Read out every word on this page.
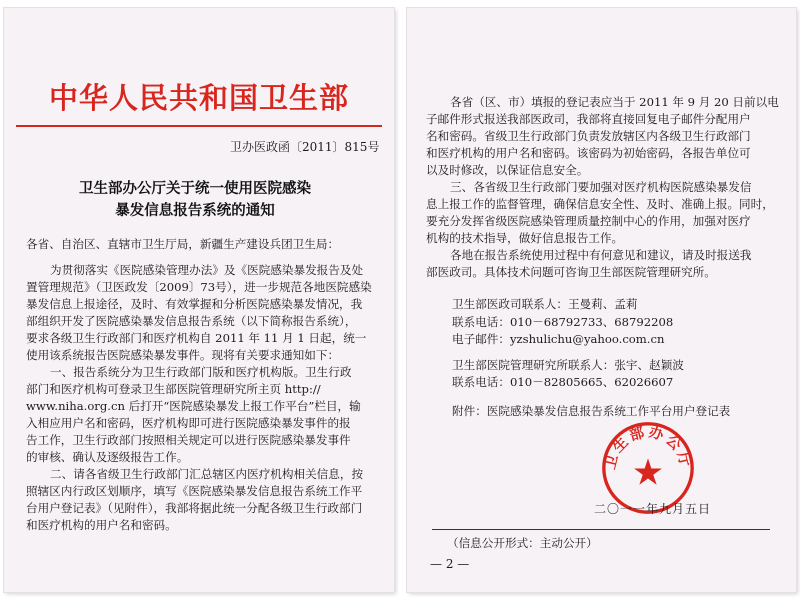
中华人民共和国卫生部
卫办医政函〔2011〕815号
卫生部办公厅关于统一使用医院感染
暴发信息报告系统的通知
各省、自治区、直辖市卫生厅局，新疆生产建设兵团卫生局：
为贯彻落实《医院感染管理办法》及《医院感染暴发报告及处
置管理规范》（卫医政发〔2009〕73号），进一步规范各地医院感染
暴发信息上报途径，及时、有效掌握和分析医院感染暴发情况，我
部组织开发了医院感染暴发信息报告系统（以下简称报告系统），
要求各级卫生行政部门和医疗机构自 2011 年 11 月 1 日起，统一
使用该系统报告医院感染暴发事件。现将有关要求通知如下：
一、报告系统分为卫生行政部门版和医疗机构版。卫生行政
部门和医疗机构可登录卫生部医院管理研究所主页 http://
www.niha.org.cn 后打开“医院感染暴发上报工作平台”栏目，输
入相应用户名和密码，医疗机构即可进行医院感染暴发事件的报
告工作，卫生行政部门按照相关规定可以进行医院感染暴发事件
的审核、确认及逐级报告工作。
二、请各省级卫生行政部门汇总辖区内医疗机构相关信息，按
照辖区内行政区划顺序，填写《医院感染暴发信息报告系统工作平
台用户登记表》（见附件），我部将据此统一分配各级卫生行政部门
和医疗机构的用户名和密码。
各省（区、市）填报的登记表应当于 2011 年 9 月 20 日前以电
子邮件形式报送我部医政司，我部将直接回复电子邮件分配用户
名和密码。省级卫生行政部门负责发放辖区内各级卫生行政部门
和医疗机构的用户名和密码。该密码为初始密码，各报告单位可
以及时修改，以保证信息安全。
三、各省级卫生行政部门要加强对医疗机构医院感染暴发信
息上报工作的监督管理，确保信息安全性、及时、准确上报。同时，
要充分发挥省级医院感染管理质量控制中心的作用，加强对医疗
机构的技术指导，做好信息报告工作。
各地在报告系统使用过程中有何意见和建议，请及时报送我
部医政司。具体技术问题可咨询卫生部医院管理研究所。
卫生部医政司联系人：王曼莉、孟莉
联系电话：010－68792733、68792208
电子邮件：yzshulichu@yahoo.com.cn
卫生部医院管理研究所联系人：张宇、赵颖波
联系电话：010－82805665、62026607
附件：医院感染暴发信息报告系统工作平台用户登记表
卫生部办公厅
二〇一一年九月五日
（信息公开形式：主动公开）
— 2 —
